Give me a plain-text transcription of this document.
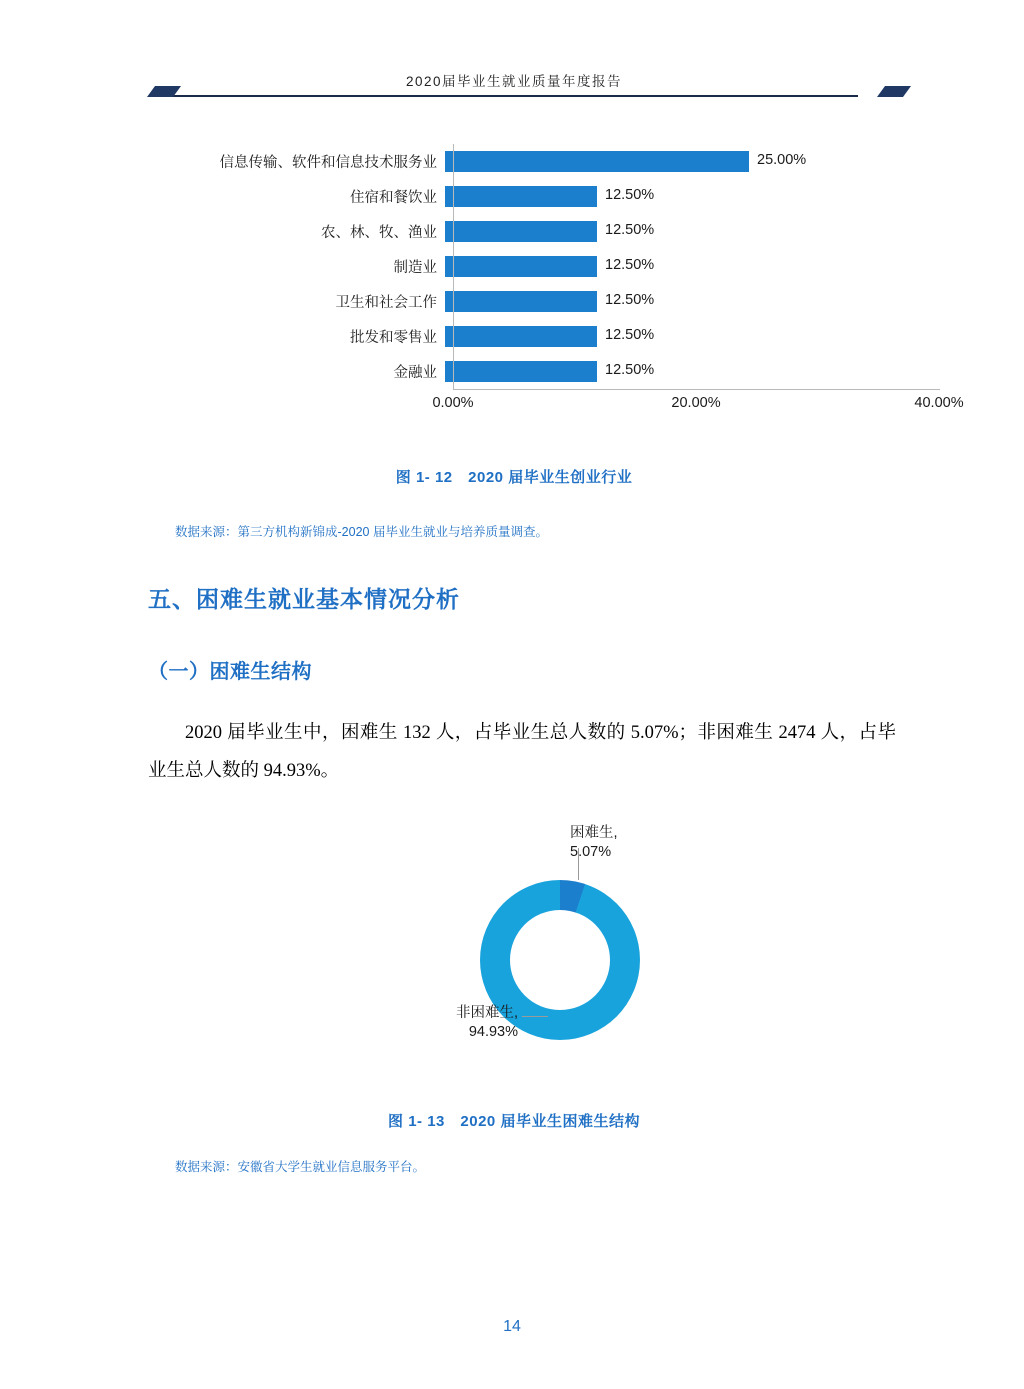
2020届毕业生就业质量年度报告
信息传输、软件和信息技术服务业	25.00%
住宿和餐饮业	12.50%
农、林、牧、渔业	12.50%
制造业	12.50%
卫生和社会工作	12.50%
批发和零售业	12.50%
金融业	12.50%
0.00%	20.00%	40.00%
图 1- 12　2020 届毕业生创业行业
数据来源：第三方机构新锦成-2020 届毕业生就业与培养质量调查。
五、困难生就业基本情况分析
（一）困难生结构
2020 届毕业生中，困难生 132 人，占毕业生总人数的 5.07%；非困难生 2474 人，占毕业生总人数的 94.93%。
困难生,
5.07%
非困难生,
94.93%
图 1- 13　2020 届毕业生困难生结构
数据来源：安徽省大学生就业信息服务平台。
14
